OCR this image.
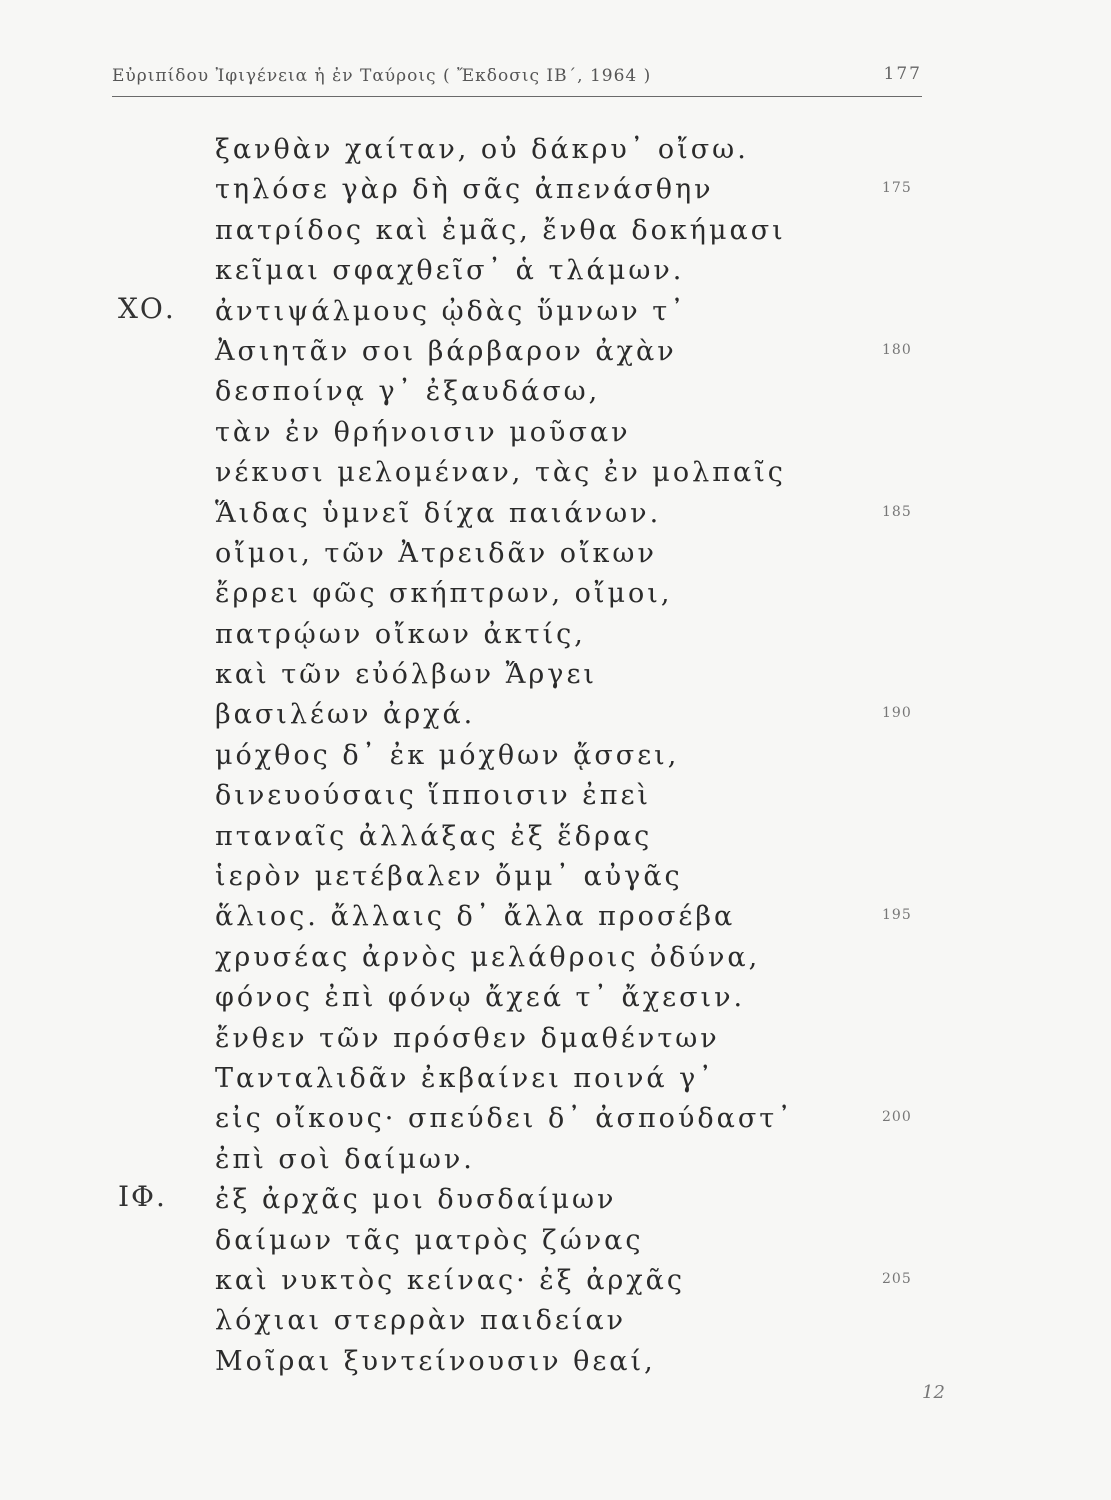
Εὐριπίδου Ἰφιγένεια ἡ ἐν Ταύροις ( Ἔκδοσις ΙΒ΄, 1964 )	177
ξανθὰν χαίταν, οὐ δάκρυ᾽ οἴσω.
τηλόσε γὰρ δὴ σᾶς ἀπενάσθην	175
πατρίδος καὶ ἐμᾶς, ἔνθα δοκήμασι
κεῖμαι σφαχθεῖσ᾽ ἁ τλάμων.
ΧΟ. ἀντιψάλμους ᾠδὰς ὕμνων τ᾽
Ἀσιητᾶν σοι βάρβαρον ἀχὰν	180
δεσποίνᾳ γ᾽ ἐξαυδάσω,
τὰν ἐν θρήνοισιν μοῦσαν
νέκυσι μελομέναν, τὰς ἐν μολπαῖς
Ἅιδας ὑμνεῖ δίχα παιάνων.	185
οἴμοι, τῶν Ἀτρειδᾶν οἴκων
ἔρρει φῶς σκήπτρων, οἴμοι,
πατρῴων οἴκων ἀκτίς,
καὶ τῶν εὐόλβων Ἄργει
βασιλέων ἀρχά.	190
μόχθος δ᾽ ἐκ μόχθων ᾄσσει,
δινευούσαις ἵπποισιν ἐπεὶ
πταναῖς ἀλλάξας ἐξ ἕδρας
ἱερὸν μετέβαλεν ὄμμ᾽ αὐγᾶς
ἅλιος. ἄλλαις δ᾽ ἄλλα προσέβα	195
χρυσέας ἀρνὸς μελάθροις ὀδύνα,
φόνος ἐπὶ φόνῳ ἄχεά τ᾽ ἄχεσιν.
ἔνθεν τῶν πρόσθεν δμαθέντων
Τανταλιδᾶν ἐκβαίνει ποινά γ᾽
εἰς οἴκους· σπεύδει δ᾽ ἀσπούδαστ᾽	200
ἐπὶ σοὶ δαίμων.
ΙΦ. ἐξ ἀρχᾶς μοι δυσδαίμων
δαίμων τᾶς ματρὸς ζώνας
καὶ νυκτὸς κείνας· ἐξ ἀρχᾶς	205
λόχιαι στερρὰν παιδείαν
Μοῖραι ξυντείνουσιν θεαί,
12
